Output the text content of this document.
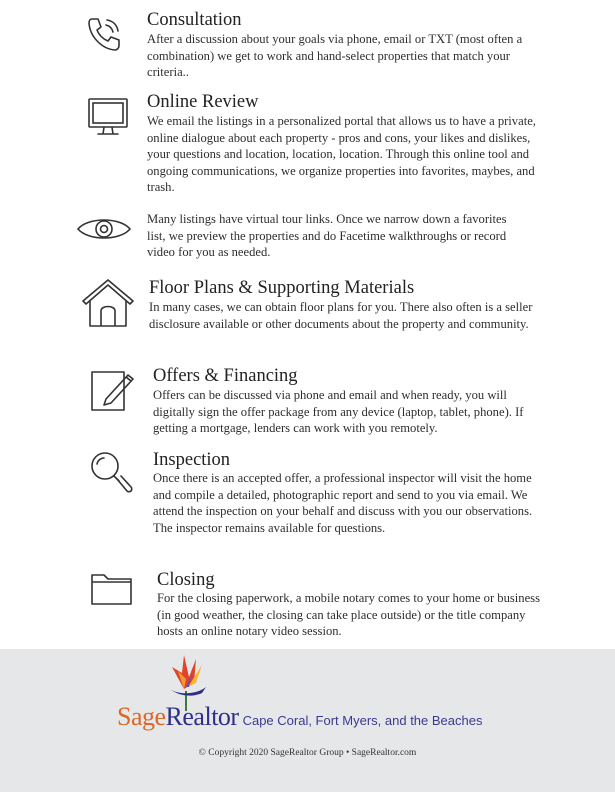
Consultation

After a discussion about your goals via phone, email or TXT (most often a combination) we get to work and hand-select properties that match your criteria..

Online Review

We email the listings in a personalized portal that allows us to have a private, online dialogue about each property - pros and cons, your likes and dislikes, your questions and location, location, location. Through this online tool and ongoing communications, we organize properties into favorites, maybes, and trash.

Many listings have virtual tour links. Once we narrow down a favorites list, we preview the properties and do Facetime walkthroughs or record video for you as needed.

Floor Plans & Supporting Materials

In many cases, we can obtain floor plans for you. There also often is a seller disclosure available or other documents about the property and community.

Offers & Financing

Offers can be discussed via phone and email and when ready, you will digitally sign the offer package from any device (laptop, tablet, phone). If getting a mortgage, lenders can work with you remotely.

Inspection

Once there is an accepted offer, a professional inspector will visit the home and compile a detailed, photographic report and send to you via email. We attend the inspection on your behalf and discuss with you our observations. The inspector remains available for questions.

Closing

For the closing paperwork, a mobile notary comes to your home or business (in good weather, the closing can take place outside) or the title company hosts an online notary video session.

Sage Realtor Cape Coral, Fort Myers, and the Beaches
© Copyright 2020 SageRealtor Group • SageRealtor.com
